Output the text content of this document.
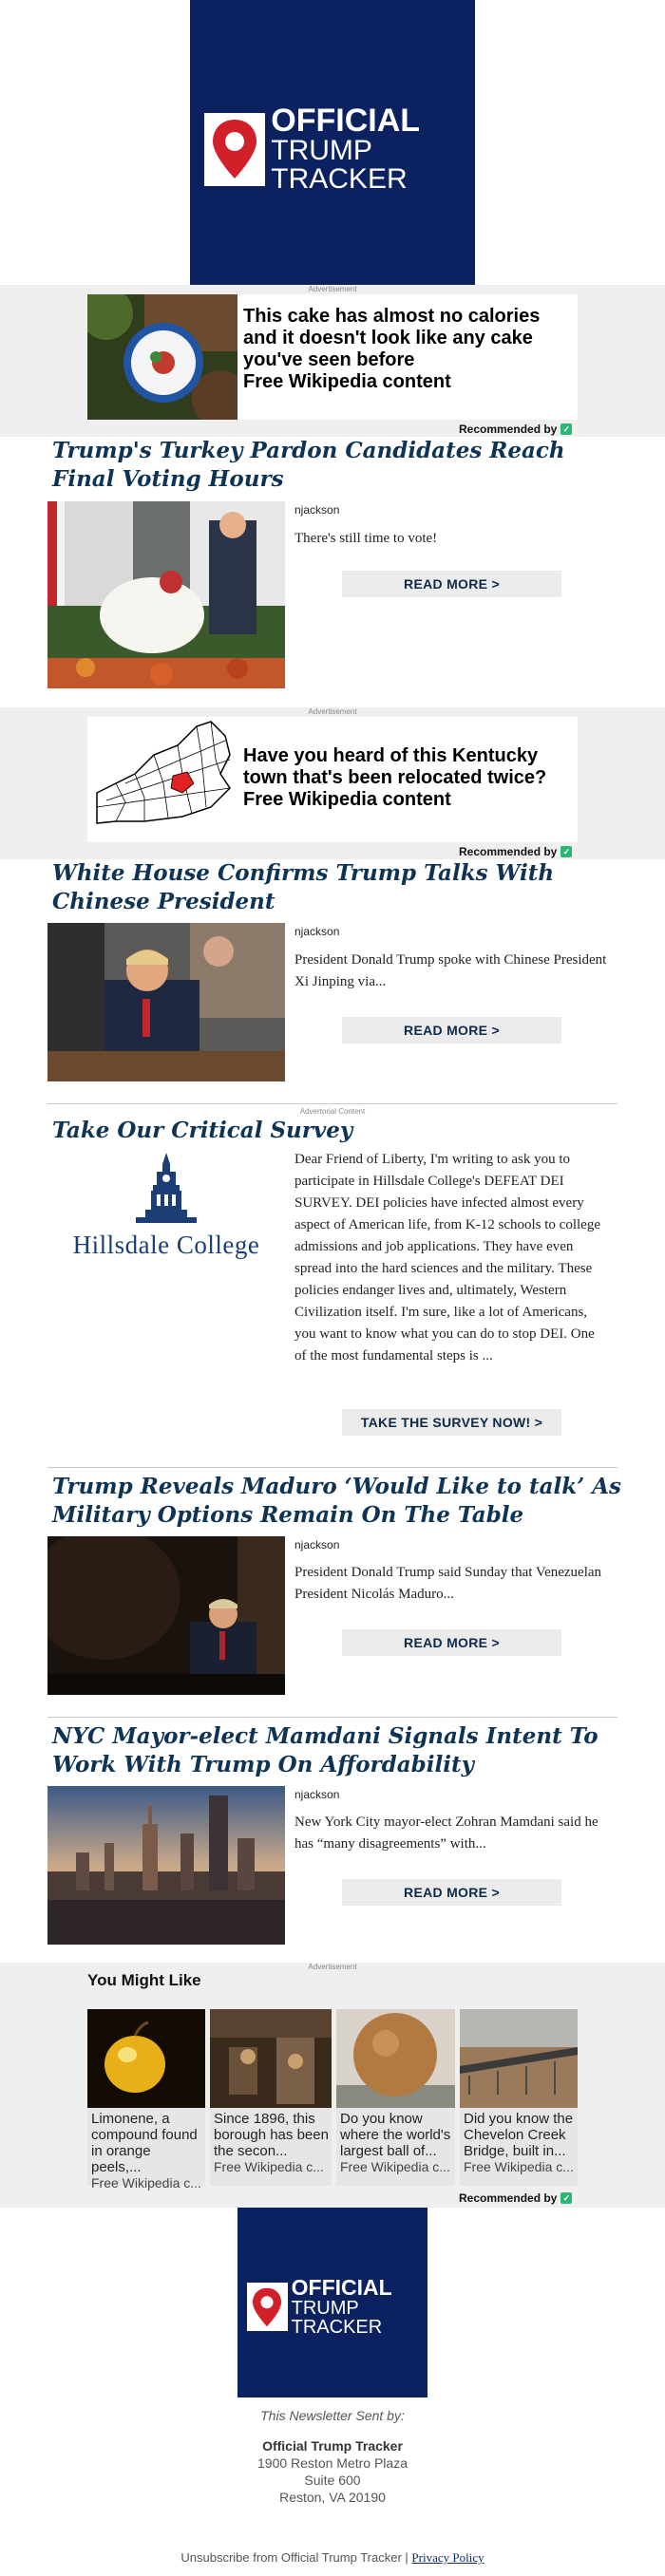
OFFICIAL
TRUMP TRACKER
Advertisement
This cake has almost no calories and it doesn't look like any cake you've seen before
Free Wikipedia content
Recommended by ✓
Trump's Turkey Pardon Candidates Reach Final Voting Hours
njackson
There's still time to vote!
READ MORE >
Advertisement
Have you heard of this Kentucky town that's been relocated twice?
Free Wikipedia content
Recommended by ✓
White House Confirms Trump Talks With Chinese President
njackson
President Donald Trump spoke with Chinese President Xi Jinping via...
READ MORE >
Advertorial Content
Take Our Critical Survey
Hillsdale College
Dear Friend of Liberty, I'm writing to ask you to participate in Hillsdale College's DEFEAT DEI SURVEY. DEI policies have infected almost every aspect of American life, from K-12 schools to college admissions and job applications. They have even spread into the hard sciences and the military. These policies endanger lives and, ultimately, Western Civilization itself. I'm sure, like a lot of Americans, you want to know what you can do to stop DEI. One of the most fundamental steps is ...
TAKE THE SURVEY NOW! >
Trump Reveals Maduro ‘Would Like to talk’ As Military Options Remain On The Table
njackson
President Donald Trump said Sunday that Venezuelan President Nicolás Maduro...
READ MORE >
NYC Mayor-elect Mamdani Signals Intent To Work With Trump On Affordability
njackson
New York City mayor-elect Zohran Mamdani said he has “many disagreements” with...
READ MORE >
Advertisement
You Might Like
Limonene, a compound found in orange peels,...
Free Wikipedia c...
Since 1896, this borough has been the secon...
Free Wikipedia c...
Do you know where the world's largest ball of...
Free Wikipedia c...
Did you know the Chevelon Creek Bridge, built in...
Free Wikipedia c...
Recommended by ✓
OFFICIAL
TRUMP TRACKER
This Newsletter Sent by:
Official Trump Tracker
1900 Reston Metro Plaza
Suite 600
Reston, VA 20190
Unsubscribe from Official Trump Tracker | Privacy Policy
